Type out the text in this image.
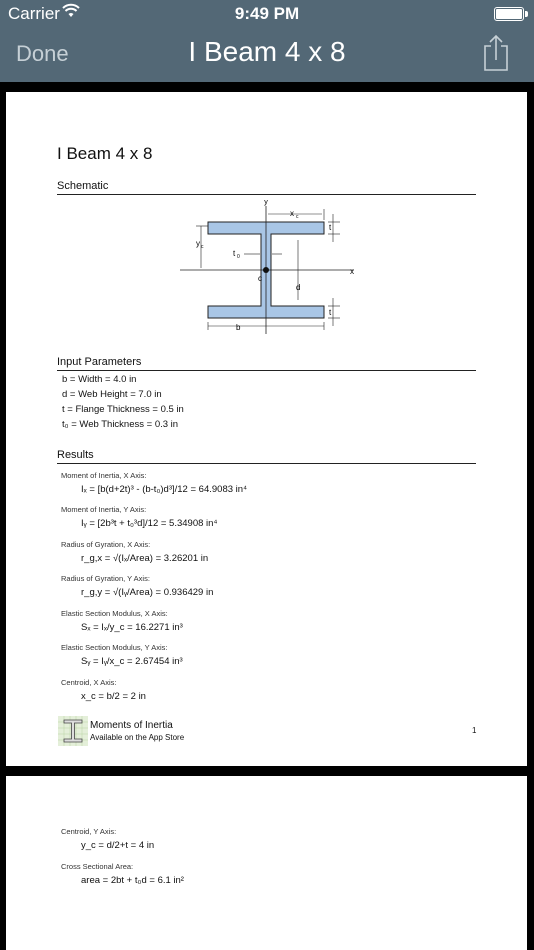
Carrier	9:49 PM
Done	I Beam 4 x 8
I Beam 4 x 8
Schematic
y
x c
y c
t
t 0
c
x
d
t
b
Input Parameters
b = Width = 4.0 in
d = Web Height = 7.0 in
t = Flange Thickness = 0.5 in
t₀ = Web Thickness = 0.3 in
Results
Moment of Inertia, X Axis:
Iₓ = [b(d+2t)³ - (b-t₀)d³]/12 = 64.9083 in⁴
Moment of Inertia, Y Axis:
Iᵧ = [2b³t + t₀³d]/12 = 5.34908 in⁴
Radius of Gyration, X Axis:
r_g,x = √(Iₓ/Area) = 3.26201 in
Radius of Gyration, Y Axis:
r_g,y = √(Iᵧ/Area) = 0.936429 in
Elastic Section Modulus, X Axis:
Sₓ = Iₓ/y_c = 16.2271 in³
Elastic Section Modulus, Y Axis:
Sᵧ = Iᵧ/x_c = 2.67454 in³
Centroid, X Axis:
x_c = b/2 = 2 in
Moments of Inertia
Available on the App Store
1
Centroid, Y Axis:
y_c = d/2+t = 4 in
Cross Sectional Area:
area = 2bt + t₀d = 6.1 in²
